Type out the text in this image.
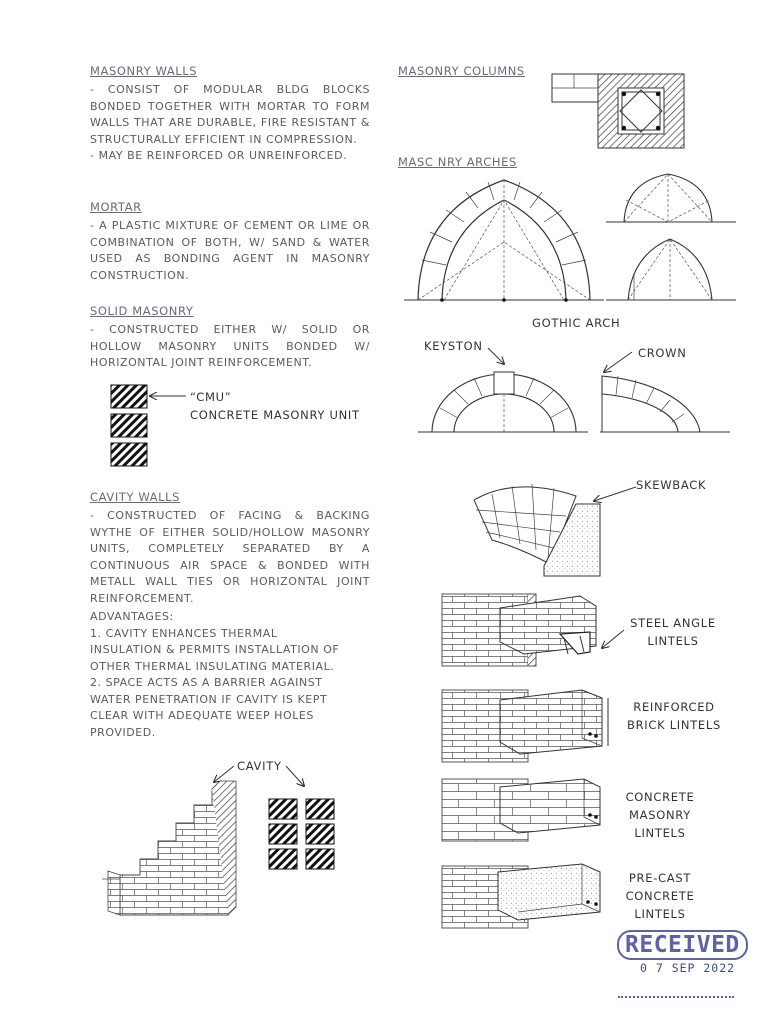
MASONRY WALLS

- CONSIST OF MODULAR BLDG BLOCKS BONDED TOGETHER WITH MORTAR TO FORM WALLS THAT ARE DURABLE, FIRE RESISTANT & STRUCTURALLY EFFICIENT IN COMPRESSION.

- MAY BE REINFORCED OR UNREINFORCED.

MORTAR

- A PLASTIC MIXTURE OF CEMENT OR LIME OR COMBINATION OF BOTH, W/ SAND & WATER USED AS BONDING AGENT IN MASONRY CONSTRUCTION.

SOLID MASONRY

- CONSTRUCTED EITHER W/ SOLID OR HOLLOW MASONRY UNITS BONDED W/ HORIZONTAL JOINT REINFORCEMENT.

“CMU”
CONCRETE MASONRY UNIT
CAVITY WALLS

- CONSTRUCTED OF FACING & BACKING WYTHE OF EITHER SOLID/HOLLOW MASONRY UNITS, COMPLETELY SEPARATED BY A CONTINUOUS AIR SPACE & BONDED WITH METALL WALL TIES OR HORIZONTAL JOINT REINFORCEMENT.

ADVANTAGES:

1. CAVITY ENHANCES THERMAL

INSULATION & PERMITS INSTALLATION OF

OTHER THERMAL INSULATING MATERIAL.

2. SPACE ACTS AS A BARRIER AGAINST

WATER PENETRATION IF CAVITY IS KEPT

CLEAR WITH ADEQUATE WEEP HOLES

PROVIDED.

CAVITY
MASONRY COLUMNS
MASC NRY ARCHES
GOTHIC ARCH
KEYSTON	CROWN
SKEWBACK
STEEL ANGLE
LINTELS
REINFORCED
BRICK LINTELS
CONCRETE
MASONRY
LINTELS
PRE-CAST
CONCRETE
LINTELS
RECEIVED
0 7 SEP 2022
